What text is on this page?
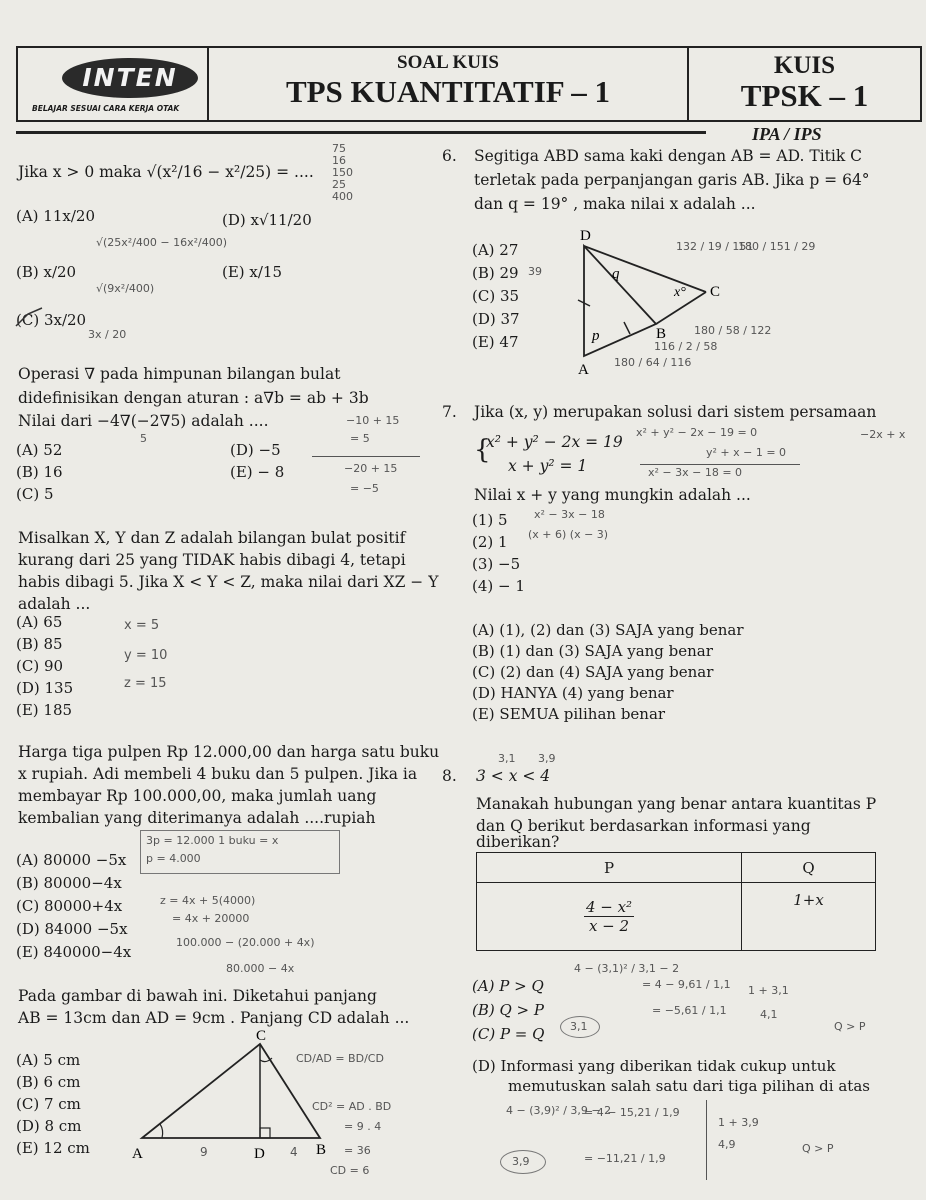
INTEN
BELAJAR SESUAI CARA KERJA OTAK
SOAL KUIS
TPS KUANTITATIF – 1
KUIS
TPSK – 1
IPA / IPS
Jika x > 0 maka √(x²/16 − x²/25) = ....
(A) 11x/20
(B) x/20
(C) 3x/20
(D) x√11/20
(E) x/15
√(25x²/400 − 16x²/400)
√(9x²/400)
3x / 20
75
16
150
25
400
Operasi ∇ pada himpunan bilangan bulat
didefinisikan dengan aturan : a∇b = ab + 3b
Nilai dari −4∇(−2∇5) adalah ....
(A) 52
(B) 16
(C) 5
(D) −5
(E) − 8
5
−10 + 15
= 5
−20 + 15
= −5
Misalkan X, Y dan Z adalah bilangan bulat positif
kurang dari 25 yang TIDAK habis dibagi 4, tetapi
habis dibagi 5. Jika X < Y < Z, maka nilai dari XZ − Y
adalah ...
(A) 65
(B) 85
(C) 90
(D) 135
(E) 185
x = 5
y = 10
z = 15
Harga tiga pulpen Rp 12.000,00 dan harga satu buku
x rupiah. Adi membeli 4 buku dan 5 pulpen. Jika ia
membayar Rp 100.000,00, maka jumlah uang
kembalian yang diterimanya adalah ....rupiah
(A) 80000 −5x
(B) 80000−4x
(C) 80000+4x
(D) 84000 −5x
(E) 840000−4x
3p = 12.000 1 buku = x
p = 4.000
z = 4x + 5(4000)
= 4x + 20000
100.000 − (20.000 + 4x)
80.000 − 4x
Pada gambar di bawah ini. Diketahui panjang
AB = 13cm dan AD = 9cm . Panjang CD adalah ...
(A) 5 cm
(B) 6 cm
(C) 7 cm
(D) 8 cm
(E) 12 cm	A	D	B
C
9	4
CD/AD = BD/CD
CD² = AD . BD
= 9 . 4
= 36
CD = 6
6. Segitiga ABD sama kaki dengan AB = AD. Titik C
terletak pada perpanjangan garis AB. Jika p = 64°
dan q = 19° , maka nilai x adalah ...
(A) 27
(B) 29
(C) 35
(D) 37
(E) 47
39
D
A
B
C
q
p
x°
132 / 19 / 151
180 / 151 / 29
180 / 64 / 116
116 / 2 / 58
180 / 58 / 122
7. Jika (x, y) merupakan solusi dari sistem persamaan
{
x² + y² − 2x = 19
x + y² = 1
Nilai x + y yang mungkin adalah ...
(1) 5
(2) 1
(3) −5
(4) − 1
(A) (1), (2) dan (3) SAJA yang benar
(B) (1) dan (3) SAJA yang benar
(C) (2) dan (4) SAJA yang benar
(D) HANYA (4) yang benar
(E) SEMUA pilihan benar
x² + y² − 2x − 19 = 0
y² + x − 1 = 0
x² − 3x − 18 = 0
x² − 3x − 18
(x + 6) (x − 3)
−2x + x
3,1 3,9
8. 3 < x < 4
Manakah hubungan yang benar antara kuantitas P
dan Q berikut berdasarkan informasi yang
diberikan?
P	Q

$\frac{\text{4 − x²}}{x - 2}$	1+x
(A) P > Q
(B) Q > P
(C) P = Q
(D) Informasi yang diberikan tidak cukup untuk
memutuskan salah satu dari tiga pilihan di atas
4 − (3,1)² / 3,1 − 2
= 4 − 9,61 / 1,1
= −5,61 / 1,1
3,1
1 + 3,1
4,1
Q > P
4 − (3,9)² / 3,9 − 2
= 4 − 15,21 / 1,9
= −11,21 / 1,9
3,9
1 + 3,9
4,9	Q > P
